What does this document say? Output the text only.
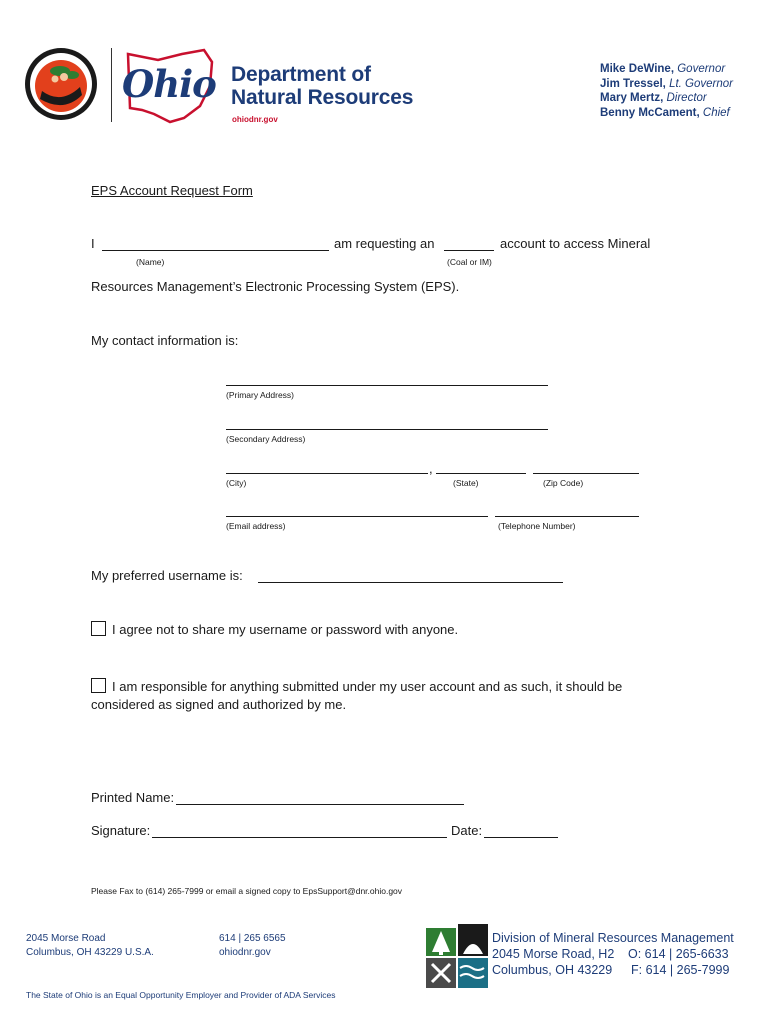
Ohio Department of
Natural Resources
ohiodnr.gov
Mike DeWine, Governor
Jim Tressel, Lt. Governor
Mary Mertz, Director
Benny McCament, Chief
EPS Account Request Form
I	am requesting an	account to access Mineral
(Name)	(Coal or IM)
Resources Management’s Electronic Processing System (EPS).
My contact information is:
(Primary Address)
(Secondary Address)
,
(City)	(State)	(Zip Code)
(Email address)	(Telephone Number)
My preferred username is:
I agree not to share my username or password with anyone.
I am responsible for anything submitted under my user account and as such, it should be
considered as signed and authorized by me.
Printed Name:
Signature:	Date:
Please Fax to (614) 265-7999 or email a signed copy to EpsSupport@dnr.ohio.gov
2045 Morse Road
Columbus, OH 43229 U.S.A.
614 | 265 6565
ohiodnr.gov
The State of Ohio is an Equal Opportunity Employer and Provider of ADA Services
Division of Mineral Resources Management
2045 Morse Road, H2
Columbus, OH 43229
O: 614 | 265-6633
F: 614 | 265-7999
